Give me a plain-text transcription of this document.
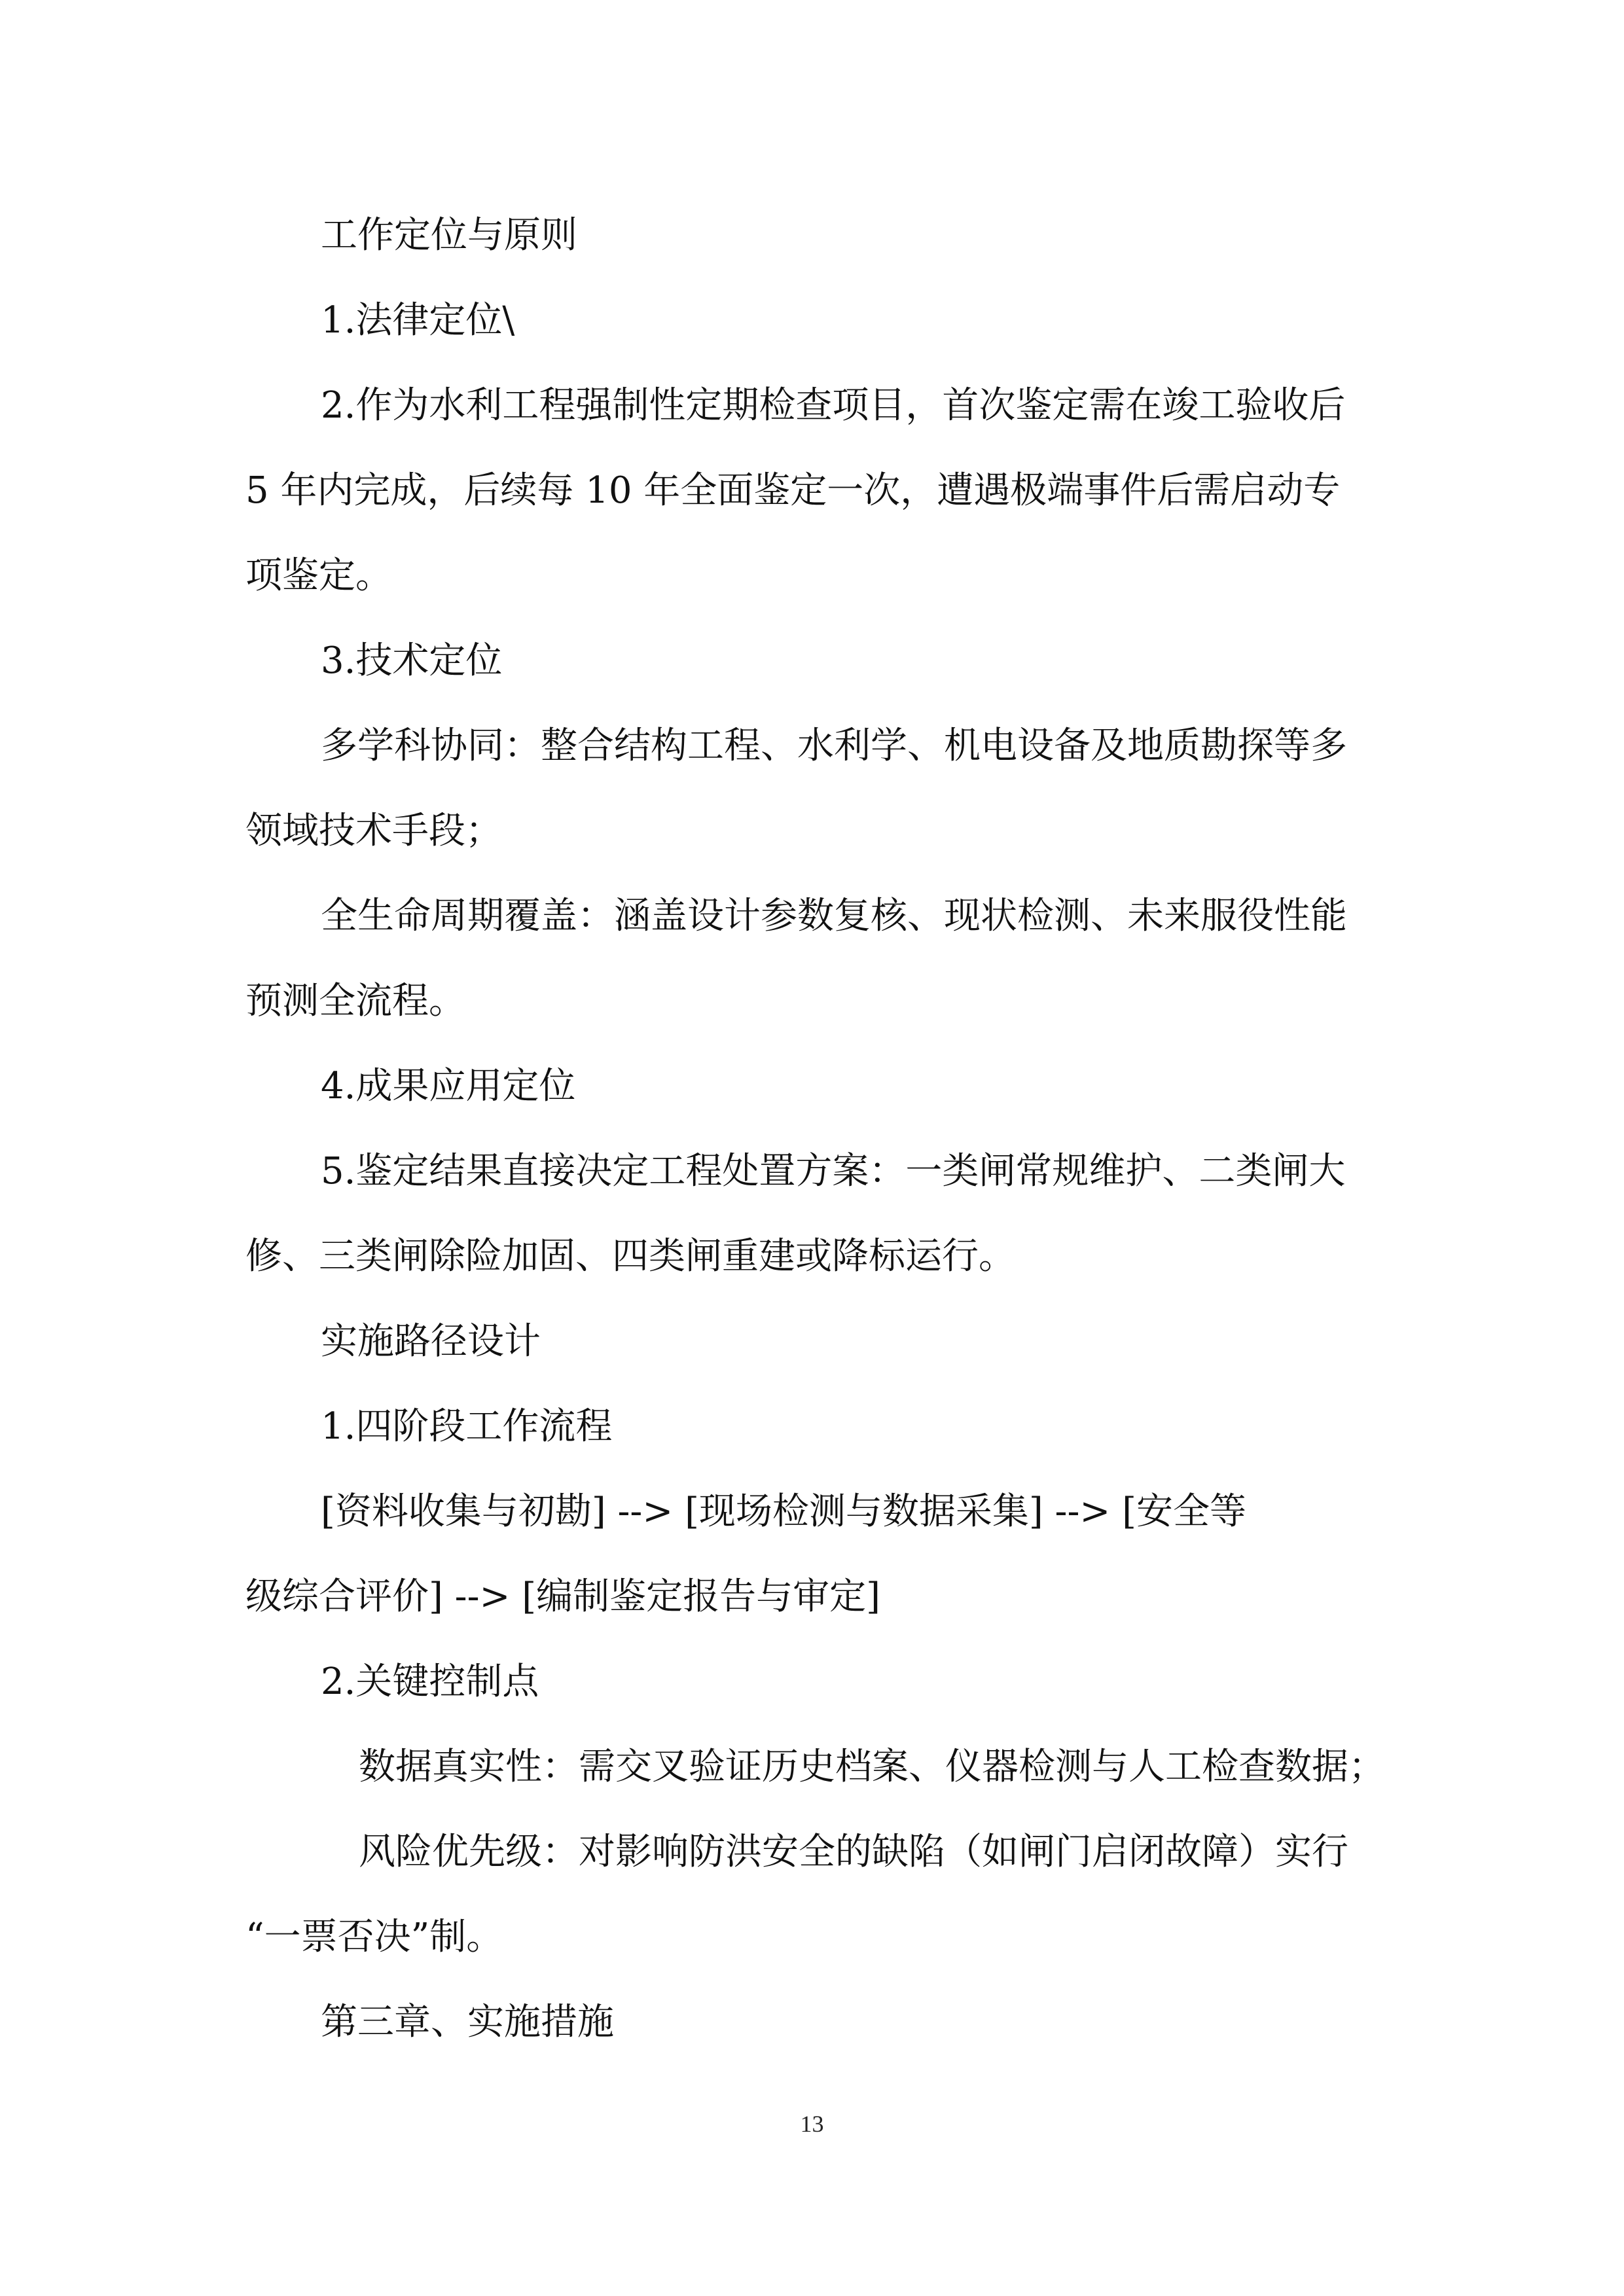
工作定位与原则
1.法律定位\
2.作为水利工程强制性定期检查项目，首次鉴定需在竣工验收后
5 年内完成，后续每 10 年全面鉴定一次，遭遇极端事件后需启动专
项鉴定。
3.技术定位
多学科协同：整合结构工程、水利学、机电设备及地质勘探等多
领域技术手段；
全生命周期覆盖：涵盖设计参数复核、现状检测、未来服役性能
预测全流程。
4.成果应用定位
5.鉴定结果直接决定工程处置方案：一类闸常规维护、二类闸大
修、三类闸除险加固、四类闸重建或降标运行。
实施路径设计
1.四阶段工作流程
[资料收集与初勘] --> [现场检测与数据采集] --> [安全等
级综合评价] --> [编制鉴定报告与审定]
2.关键控制点
数据真实性：需交叉验证历史档案、仪器检测与人工检查数据；
风险优先级：对影响防洪安全的缺陷（如闸门启闭故障）实行
“一票否决”制。
第三章、实施措施
13
